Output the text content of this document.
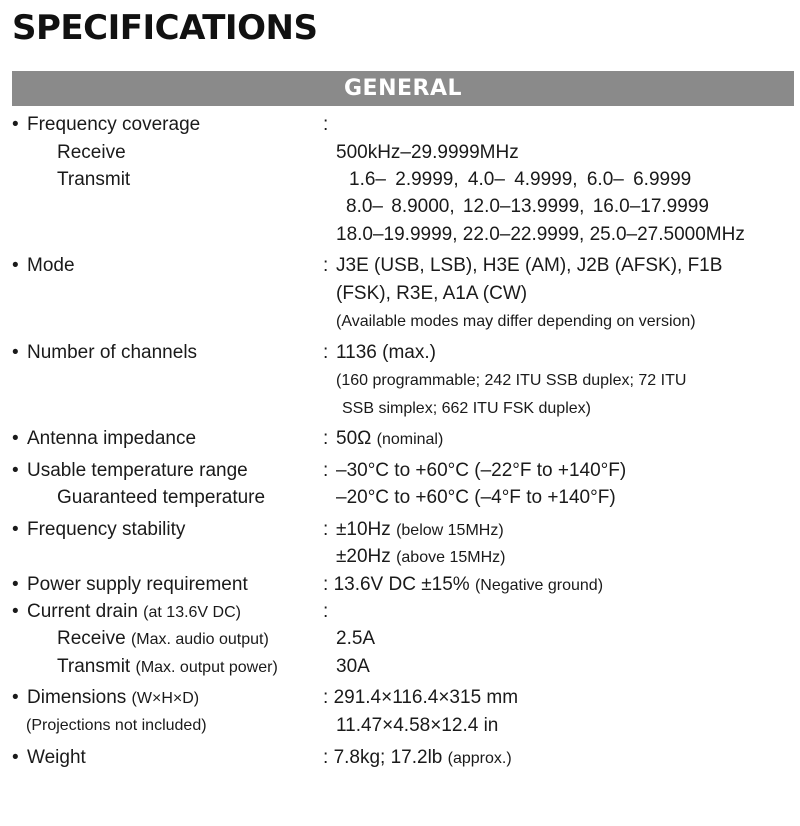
SPECIFICATIONS
GENERAL
• Frequency coverage	:
Receive	500kHz–29.9999MHz
Transmit	1.6– 2.9999, 4.0– 4.9999, 6.0– 6.9999
8.0– 8.9000, 12.0–13.9999, 16.0–17.9999
18.0–19.9999, 22.0–22.9999, 25.0–27.5000MHz
• Mode	: J3E (USB, LSB), H3E (AM), J2B (AFSK), F1B
(FSK), R3E, A1A (CW)
(Available modes may differ depending on version)
• Number of channels	: 1136 (max.)
(160 programmable; 242 ITU SSB duplex; 72 ITU
SSB simplex; 662 ITU FSK duplex)
• Antenna impedance	: 50Ω (nominal)
• Usable temperature range	: –30°C to +60°C (–22°F to +140°F)
Guaranteed temperature	–20°C to +60°C (–4°F to +140°F)
• Frequency stability	: ±10Hz (below 15MHz)
±20Hz (above 15MHz)
• Power supply requirement	: 13.6V DC ±15% (Negative ground)
• Current drain (at 13.6V DC)	:
Receive (Max. audio output)	2.5A
Transmit (Max. output power)	30A
• Dimensions (W×H×D)	: 291.4×116.4×315 mm
(Projections not included)	11.47×4.58×12.4 in
• Weight	: 7.8kg; 17.2lb (approx.)
